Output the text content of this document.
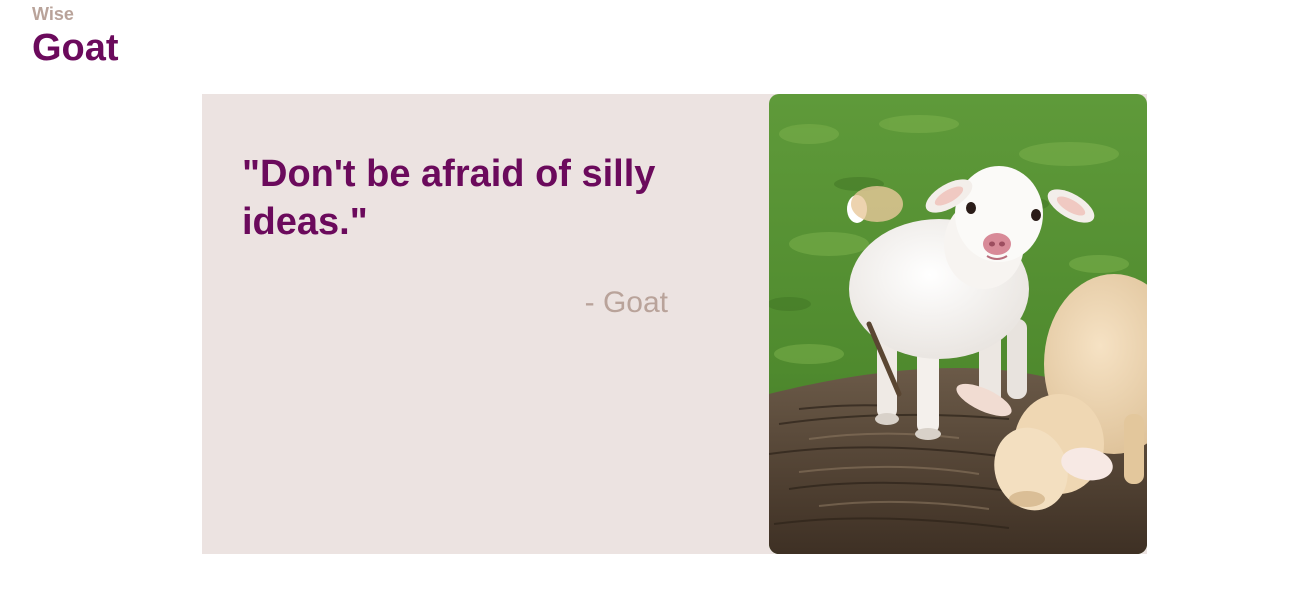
Wise
Goat
"Don't be afraid of silly ideas."
- Goat
